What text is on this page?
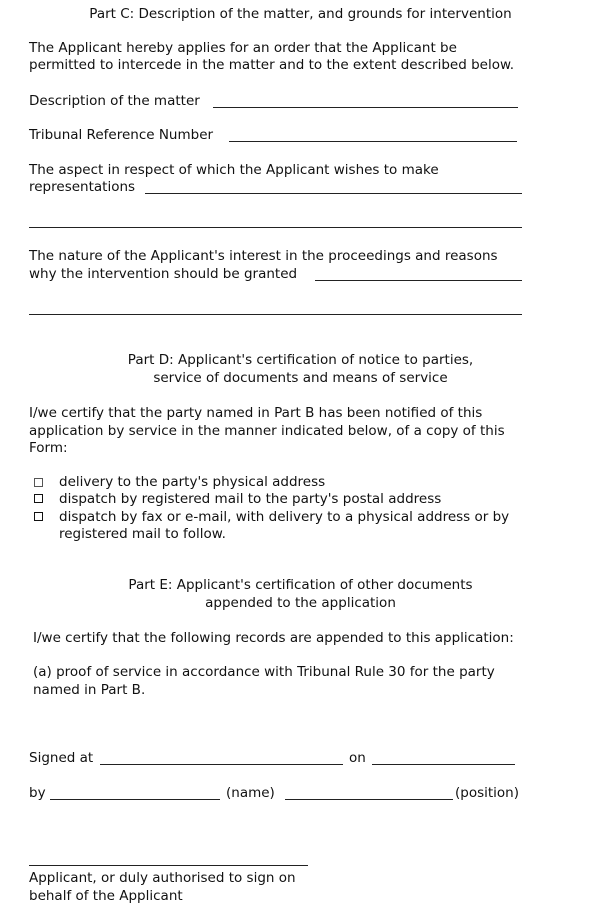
Part C: Description of the matter, and grounds for intervention
The Applicant hereby applies for an order that the Applicant be
permitted to intercede in the matter and to the extent described below.
Description of the matter
Tribunal Reference Number
The aspect in respect of which the Applicant wishes to make
representations
The nature of the Applicant's interest in the proceedings and reasons
why the intervention should be granted
Part D: Applicant's certification of notice to parties,
service of documents and means of service
I/we certify that the party named in Part B has been notified of this
application by service in the manner indicated below, of a copy of this
Form:
delivery to the party's physical address
dispatch by registered mail to the party's postal address
dispatch by fax or e-mail, with delivery to a physical address or by
registered mail to follow.
Part E: Applicant's certification of other documents
appended to the application
I/we certify that the following records are appended to this application:
(a) proof of service in accordance with Tribunal Rule 30 for the party
named in Part B.
Signed at	on
by	(name)	(position)
Applicant, or duly authorised to sign on
behalf of the Applicant
